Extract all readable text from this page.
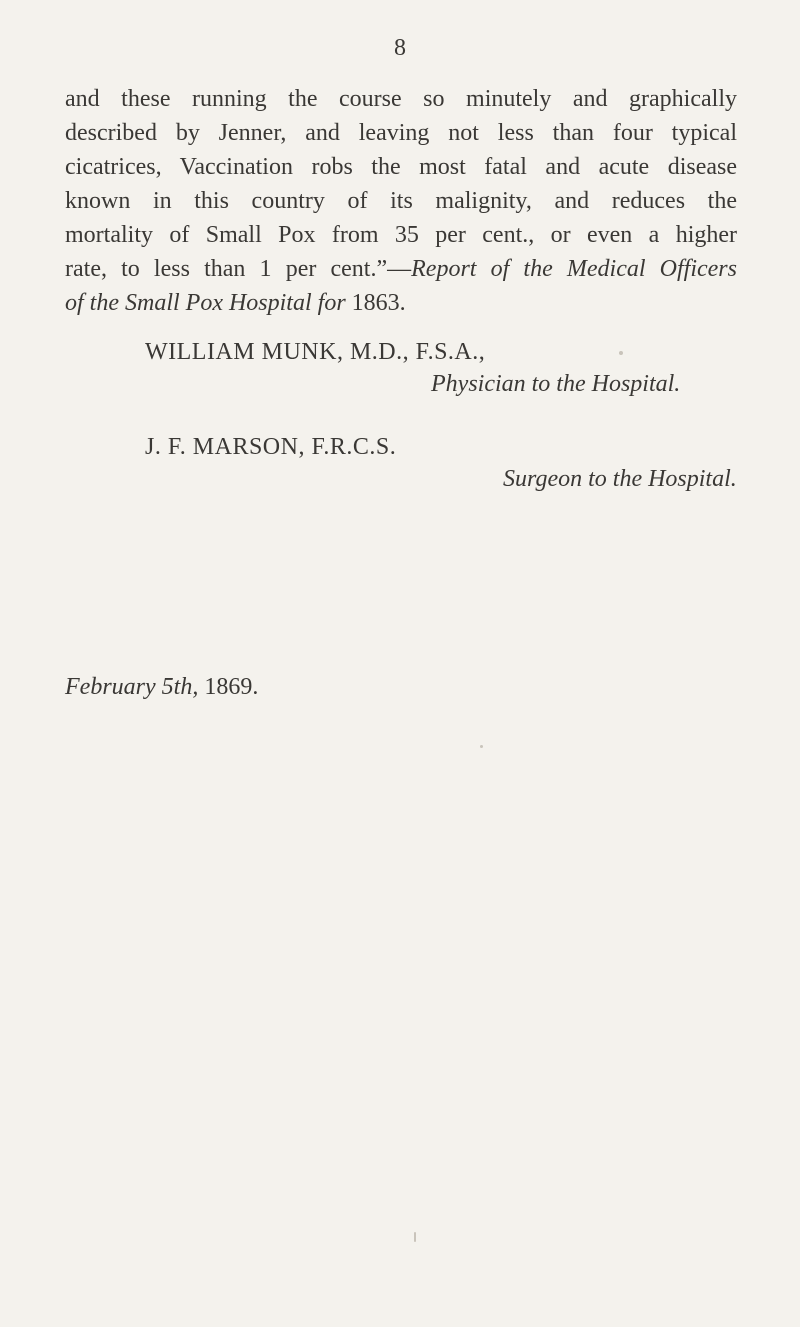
8
and these running the course so minutely and graphically
described by Jenner, and leaving not less than four typical
cicatrices, Vaccination robs the most fatal and acute disease
known in this country of its malignity, and reduces the
mortality of Small Pox from 35 per cent., or even a higher
rate, to less than 1 per cent.”—Report of the Medical Officers
of the Small Pox Hospital for 1863.
WILLIAM MUNK, M.D., F.S.A.,
Physician to the Hospital.
J. F. MARSON, F.R.C.S.
Surgeon to the Hospital.
February 5th, 1869.
